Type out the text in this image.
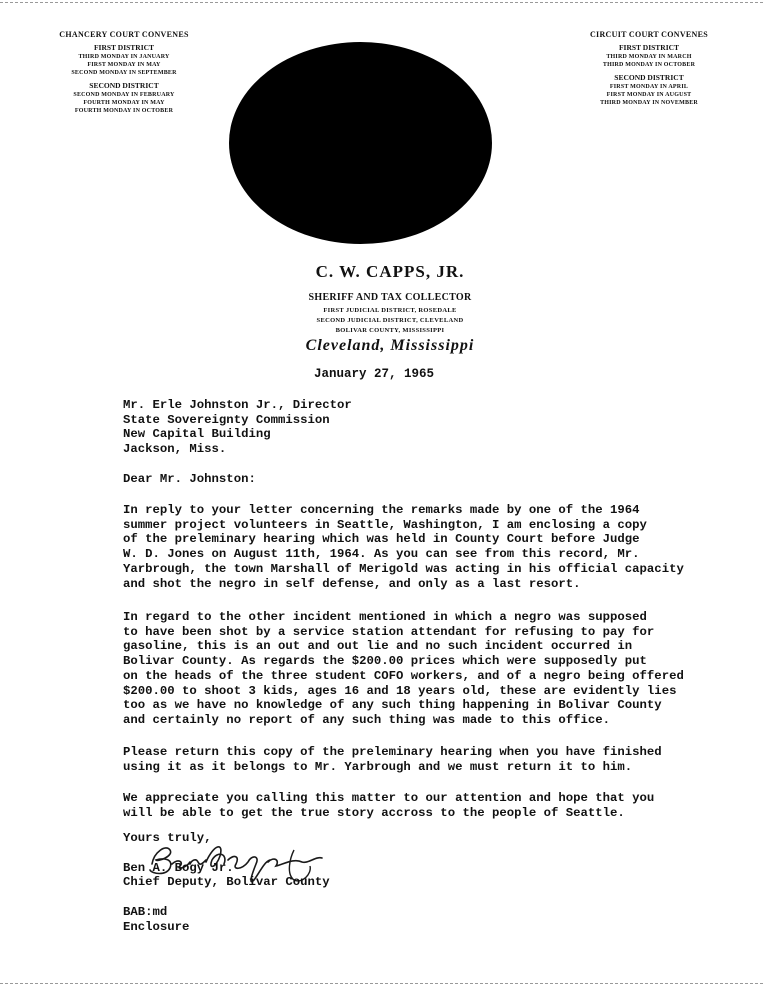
CHANCERY COURT CONVENES
FIRST DISTRICT
THIRD MONDAY IN JANUARY
FIRST MONDAY IN MAY
SECOND MONDAY IN SEPTEMBER
SECOND DISTRICT
SECOND MONDAY IN FEBRUARY
FOURTH MONDAY IN MAY
FOURTH MONDAY IN OCTOBER
CIRCUIT COURT CONVENES
FIRST DISTRICT
THIRD MONDAY IN MARCH
THIRD MONDAY IN OCTOBER
SECOND DISTRICT
FIRST MONDAY IN APRIL
FIRST MONDAY IN AUGUST
THIRD MONDAY IN NOVEMBER
C. W. CAPPS, JR.
SHERIFF AND TAX COLLECTOR
FIRST JUDICIAL DISTRICT, ROSEDALE
SECOND JUDICIAL DISTRICT, CLEVELAND
BOLIVAR COUNTY, MISSISSIPPI
Cleveland, Mississippi
January 27, 1965
Mr. Erle Johnston Jr., Director
State Sovereignty Commission
New Capital Building
Jackson, Miss.
Dear Mr. Johnston:
In reply to your letter concerning the remarks made by one of the 1964
summer project volunteers in Seattle, Washington, I am enclosing a copy
of the preleminary hearing which was held in County Court before Judge
W. D. Jones on August 11th, 1964. As you can see from this record, Mr.
Yarbrough, the town Marshall of Merigold was acting in his official capacity
and shot the negro in self defense, and only as a last resort.
In regard to the other incident mentioned in which a negro was supposed
to have been shot by a service station attendant for refusing to pay for
gasoline, this is an out and out lie and no such incident occurred in
Bolivar County. As regards the $200.00 prices which were supposedly put
on the heads of the three student COFO workers, and of a negro being offered
$200.00 to shoot 3 kids, ages 16 and 18 years old, these are evidently lies
too as we have no knowledge of any such thing happening in Bolivar County
and certainly no report of any such thing was made to this office.
Please return this copy of the preleminary hearing when you have finished
using it as it belongs to Mr. Yarbrough and we must return it to him.
We appreciate you calling this matter to our attention and hope that you
will be able to get the true story accross to the people of Seattle.
Yours truly,
Ben A. Bogy Jr.
Chief Deputy, Bolivar County
BAB:md
Enclosure
